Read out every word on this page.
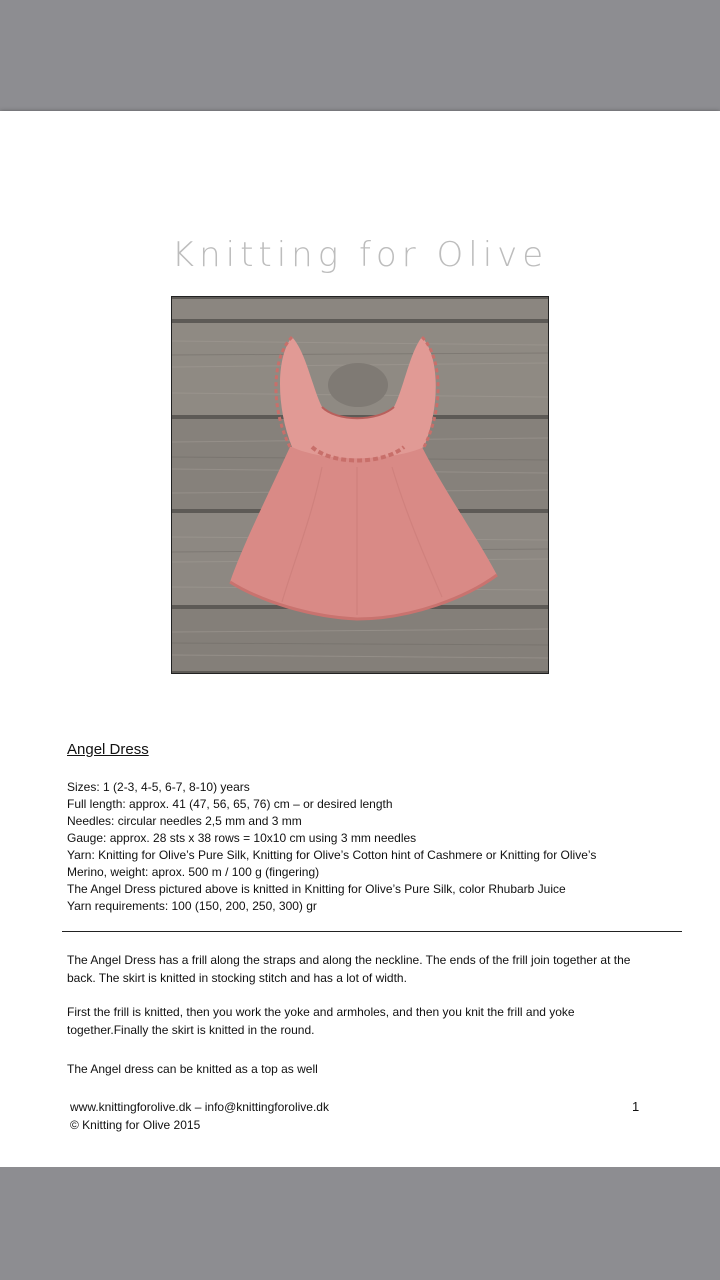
Knitting for Olive
Angel Dress
Sizes: 1 (2-3, 4-5, 6-7, 8-10) years
Full length: approx. 41 (47, 56, 65, 76) cm – or desired length
Needles: circular needles 2,5 mm and 3 mm
Gauge: approx. 28 sts x 38 rows = 10x10 cm using 3 mm needles
Yarn: Knitting for Olive’s Pure Silk, Knitting for Olive’s Cotton hint of Cashmere or Knitting for Olive’s
Merino, weight: aprox. 500 m / 100 g (fingering)
The Angel Dress pictured above is knitted in Knitting for Olive’s Pure Silk, color Rhubarb Juice
Yarn requirements: 100 (150, 200, 250, 300) gr
The Angel Dress has a frill along the straps and along the neckline. The ends of the frill join together at the back. The skirt is knitted in stocking stitch and has a lot of width.
First the frill is knitted, then you work the yoke and armholes, and then you knit the frill and yoke together.Finally the skirt is knitted in the round.
The Angel dress can be knitted as a top as well
www.knittingforolive.dk – info@knittingforolive.dk
© Knitting for Olive 2015
1
